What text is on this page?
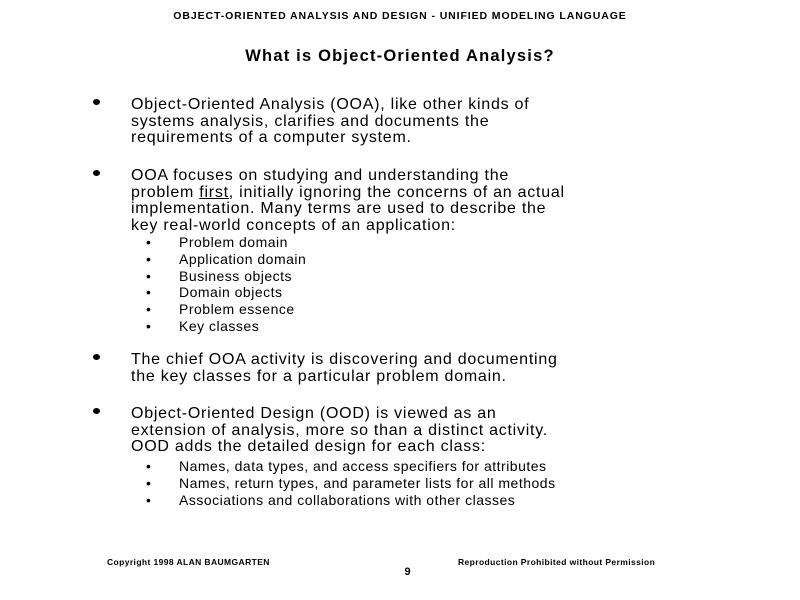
OBJECT-ORIENTED ANALYSIS AND DESIGN - UNIFIED MODELING LANGUAGE
What is Object-Oriented Analysis?
Object-Oriented Analysis (OOA), like other kinds of
systems analysis, clarifies and documents the
requirements of a computer system.
OOA focuses on studying and understanding the
problem first, initially ignoring the concerns of an actual
implementation. Many terms are used to describe the
key real-world concepts of an application:
• Problem domain
• Application domain
• Business objects
• Domain objects
• Problem essence
• Key classes
The chief OOA activity is discovering and documenting
the key classes for a particular problem domain.
Object-Oriented Design (OOD) is viewed as an
extension of analysis, more so than a distinct activity.
OOD adds the detailed design for each class:
• Names, data types, and access specifiers for attributes
• Names, return types, and parameter lists for all methods
• Associations and collaborations with other classes
Copyright 1998 ALAN BAUMGARTEN	Reproduction Prohibited without Permission
9
